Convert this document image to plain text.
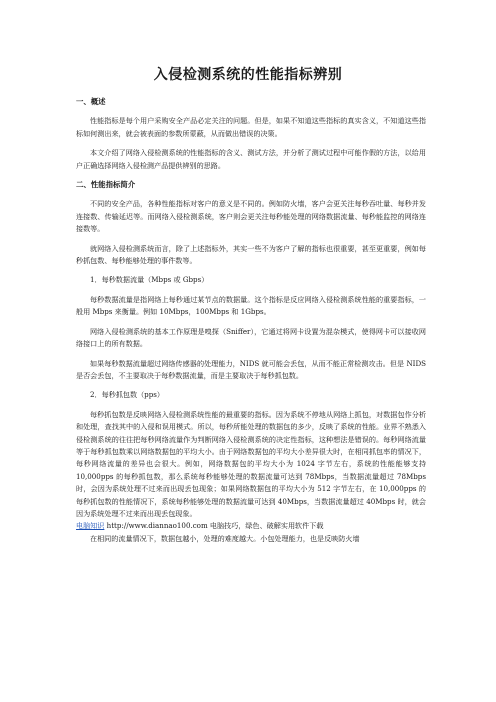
入侵检测系统的性能指标辨别
一、概述
性能指标是每个用户采购安全产品必定关注的问题。但是，如果不知道这些指标的真实含义，不知道这些指标如何测出来，就会被表面的参数所蒙蔽，从而做出错误的决策。
本文介绍了网络入侵检测系统的性能指标的含义、测试方法，并分析了测试过程中可能作假的方法，以给用户正确选择网络入侵检测产品提供辨别的思路。
二、性能指标简介
不同的安全产品，各种性能指标对客户的意义是不同的。例如防火墙，客户会更关注每秒吞吐量、每秒并发连接数、传输延迟等。而网络入侵检测系统，客户则会更关注每秒能处理的网络数据流量、每秒能监控的网络连接数等。
就网络入侵检测系统而言，除了上述指标外，其实一些不为客户了解的指标也很重要，甚至更重要，例如每秒抓包数、每秒能够处理的事件数等。
1．每秒数据流量（Mbps 或 Gbps）
每秒数据流量是指网络上每秒通过某节点的数据量。这个指标是反应网络入侵检测系统性能的重要指标，一般用 Mbps 来衡量。例如 10Mbps，100Mbps 和 1Gbps。
网络入侵检测系统的基本工作原理是嗅探（Sniffer），它通过将网卡设置为混杂模式，使得网卡可以接收网络接口上的所有数据。
如果每秒数据流量超过网络传感器的处理能力，NIDS 就可能会丢包，从而不能正常检测攻击。但是 NIDS 是否会丢包，不主要取决于每秒数据流量，而是主要取决于每秒抓包数。
2．每秒抓包数（pps）
每秒抓包数是反映网络入侵检测系统性能的最重要的指标。因为系统不停地从网络上抓包，对数据包作分析和处理，查找其中的入侵和误用模式。所以，每秒所能处理的数据包的多少，反映了系统的性能。业界不熟悉入侵检测系统的往往把每秒网络流量作为判断网络入侵检测系统的决定性指标，这种想法是错误的。每秒网络流量等于每秒抓包数乘以网络数据包的平均大小。由于网络数据包的平均大小差异很大时，在相同抓包率的情况下，每秒网络流量的差异也会很大。例如，网络数据包的平均大小为 1024 字节左右，系统的性能能够支持 10,000pps 的每秒抓包数，那么系统每秒能够处理的数据流量可达到 78Mbps，当数据流量超过 78Mbps 时，会因为系统处理不过来而出现丢包现象；如果网络数据包的平均大小为 512 字节左右，在 10,000pps 的每秒抓包数的性能情况下，系统每秒能够处理的数据流量可达到 40Mbps，当数据流量超过 40Mbps 时，就会因为系统处理不过来而出现丢包现象。
电脑知识 http://www.diannao100.com 电脑技巧，绿色、破解实用软件下载
在相同的流量情况下，数据包越小，处理的难度越大。小包处理能力，也是反映防火墙
